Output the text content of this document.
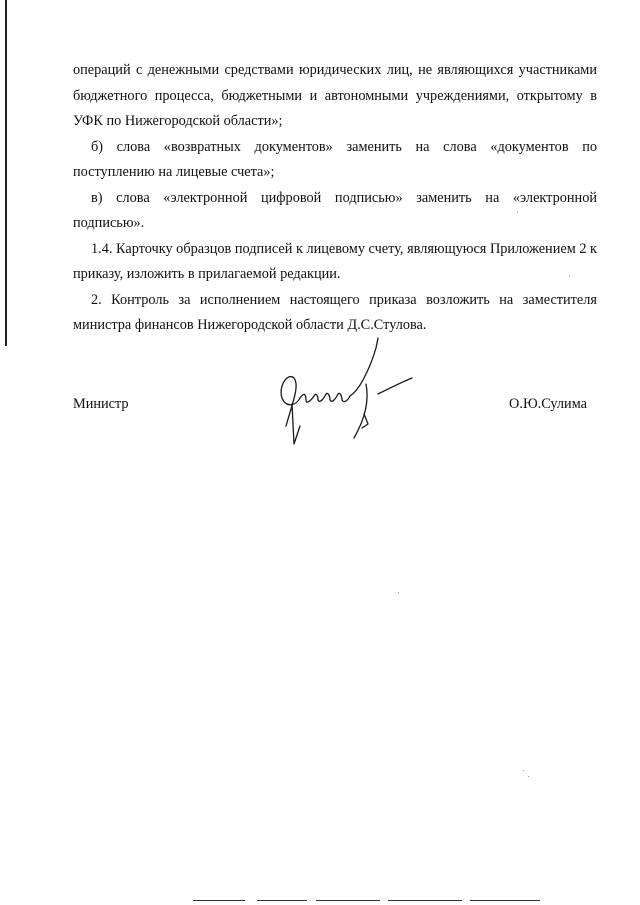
операций с денежными средствами юридических лиц, не являющихся участниками бюджетного процесса, бюджетными и автономными учреждениями, открытому в УФК по Нижегородской области»;

б) слова «возвратных документов» заменить на слова «документов по поступлению на лицевые счета»;

в) слова «электронной цифровой подписью» заменить на «электронной подписью».

1.4. Карточку образцов подписей к лицевому счету, являющуюся Приложением 2 к приказу, изложить в прилагаемой редакции.

2. Контроль за исполнением настоящего приказа возложить на заместителя министра финансов Нижегородской области Д.С.Стулова.

Министр	О.Ю.Сулима
